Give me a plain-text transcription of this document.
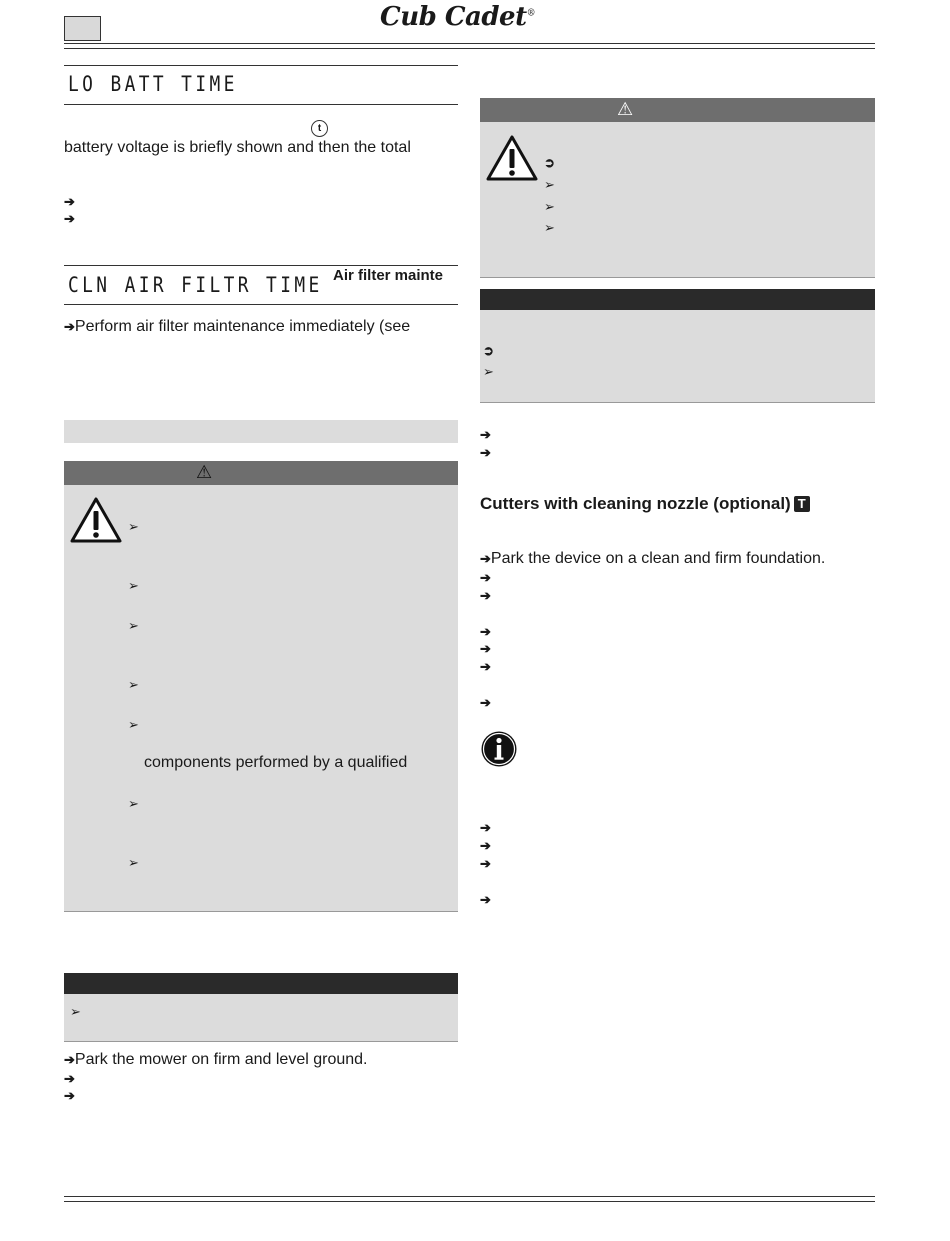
Cub Cadet®
LO BATT TIME
t
battery voltage is briefly shown and then the total
➔
➔
CLN AIR FILTR TIME Air filter mainte
➔Perform air filter maintenance immediately (see
⚠
➢
➢
➢
➢
➢
components performed by a qualified
➢
➢
➢
➔Park the mower on firm and level ground.
➔
➔
⚠
➲
➢
➢
➢
➲
➢
➔
➔
Cutters with cleaning nozzle (optional) T
➔Park the device on a clean and firm foundation.
➔
➔
➔
➔
➔
➔
➔
➔
➔
➔
